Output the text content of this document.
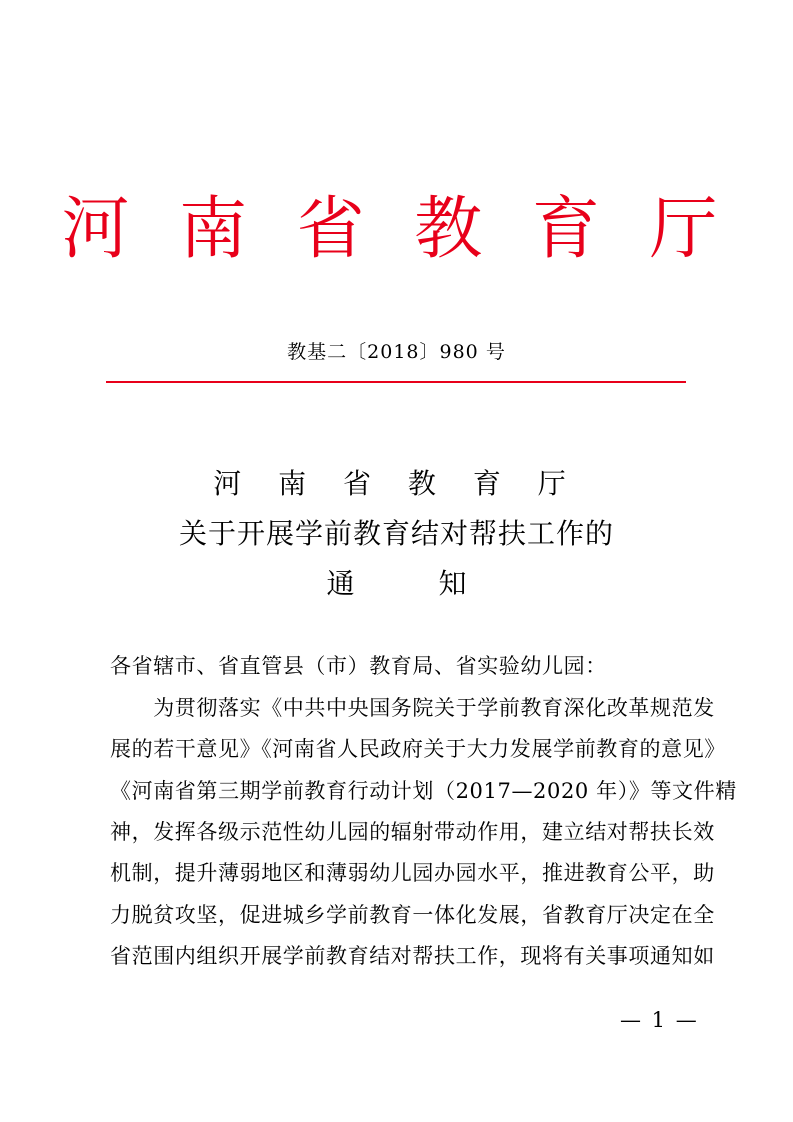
河 南 省 教 育 厅
教基二〔2018〕980 号
河 南 省 教 育 厅
关于开展学前教育结对帮扶工作的
通	知
各省辖市、省直管县（市）教育局、省实验幼儿园：
　　为贯彻落实《中共中央国务院关于学前教育深化改革规范发
展的若干意见》《河南省人民政府关于大力发展学前教育的意见》
《河南省第三期学前教育行动计划（2017—2020 年）》等文件精
神，发挥各级示范性幼儿园的辐射带动作用，建立结对帮扶长效
机制，提升薄弱地区和薄弱幼儿园办园水平，推进教育公平，助
力脱贫攻坚，促进城乡学前教育一体化发展，省教育厅决定在全
省范围内组织开展学前教育结对帮扶工作，现将有关事项通知如
— 1 —
